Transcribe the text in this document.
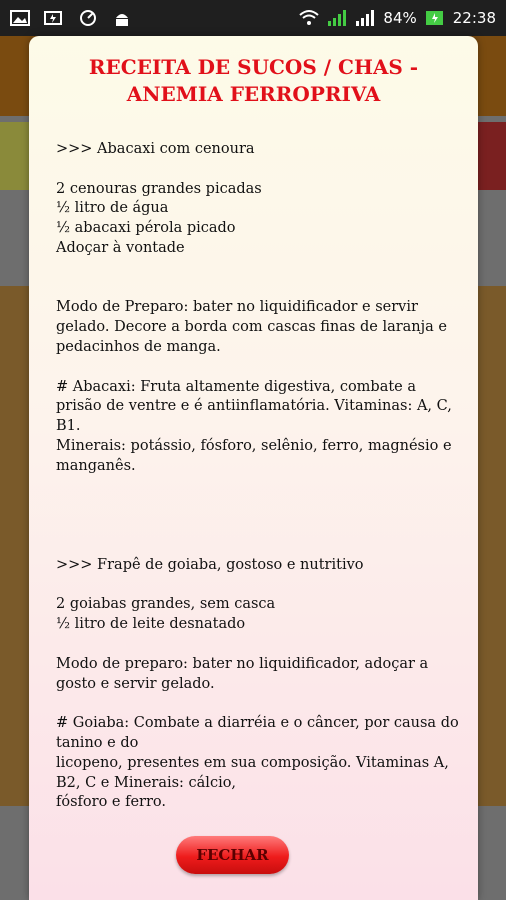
84% 22:38
RECEITA DE SUCOS / CHAS - ANEMIA FERROPRIVA
>>> Abacaxi com cenoura

2 cenouras grandes picadas
½ litro de água
½ abacaxi pérola picado
Adoçar à vontade

Modo de Preparo: bater no liquidificador e servir gelado. Decore a borda com cascas finas de laranja e pedacinhos de manga.

# Abacaxi: Fruta altamente digestiva, combate a prisão de ventre e é antiinflamatória. Vitaminas: A, C, B1.
Minerais: potássio, fósforo, selênio, ferro, magnésio e manganês.

>>> Frapê de goiaba, gostoso e nutritivo

2 goiabas grandes, sem casca
½ litro de leite desnatado

Modo de preparo: bater no liquidificador, adoçar a gosto e servir gelado.

# Goiaba: Combate a diarréia e o câncer, por causa do tanino e do
licopeno, presentes em sua composição. Vitaminas A, B2, C e Minerais: cálcio,
fósforo e ferro.
FECHAR
